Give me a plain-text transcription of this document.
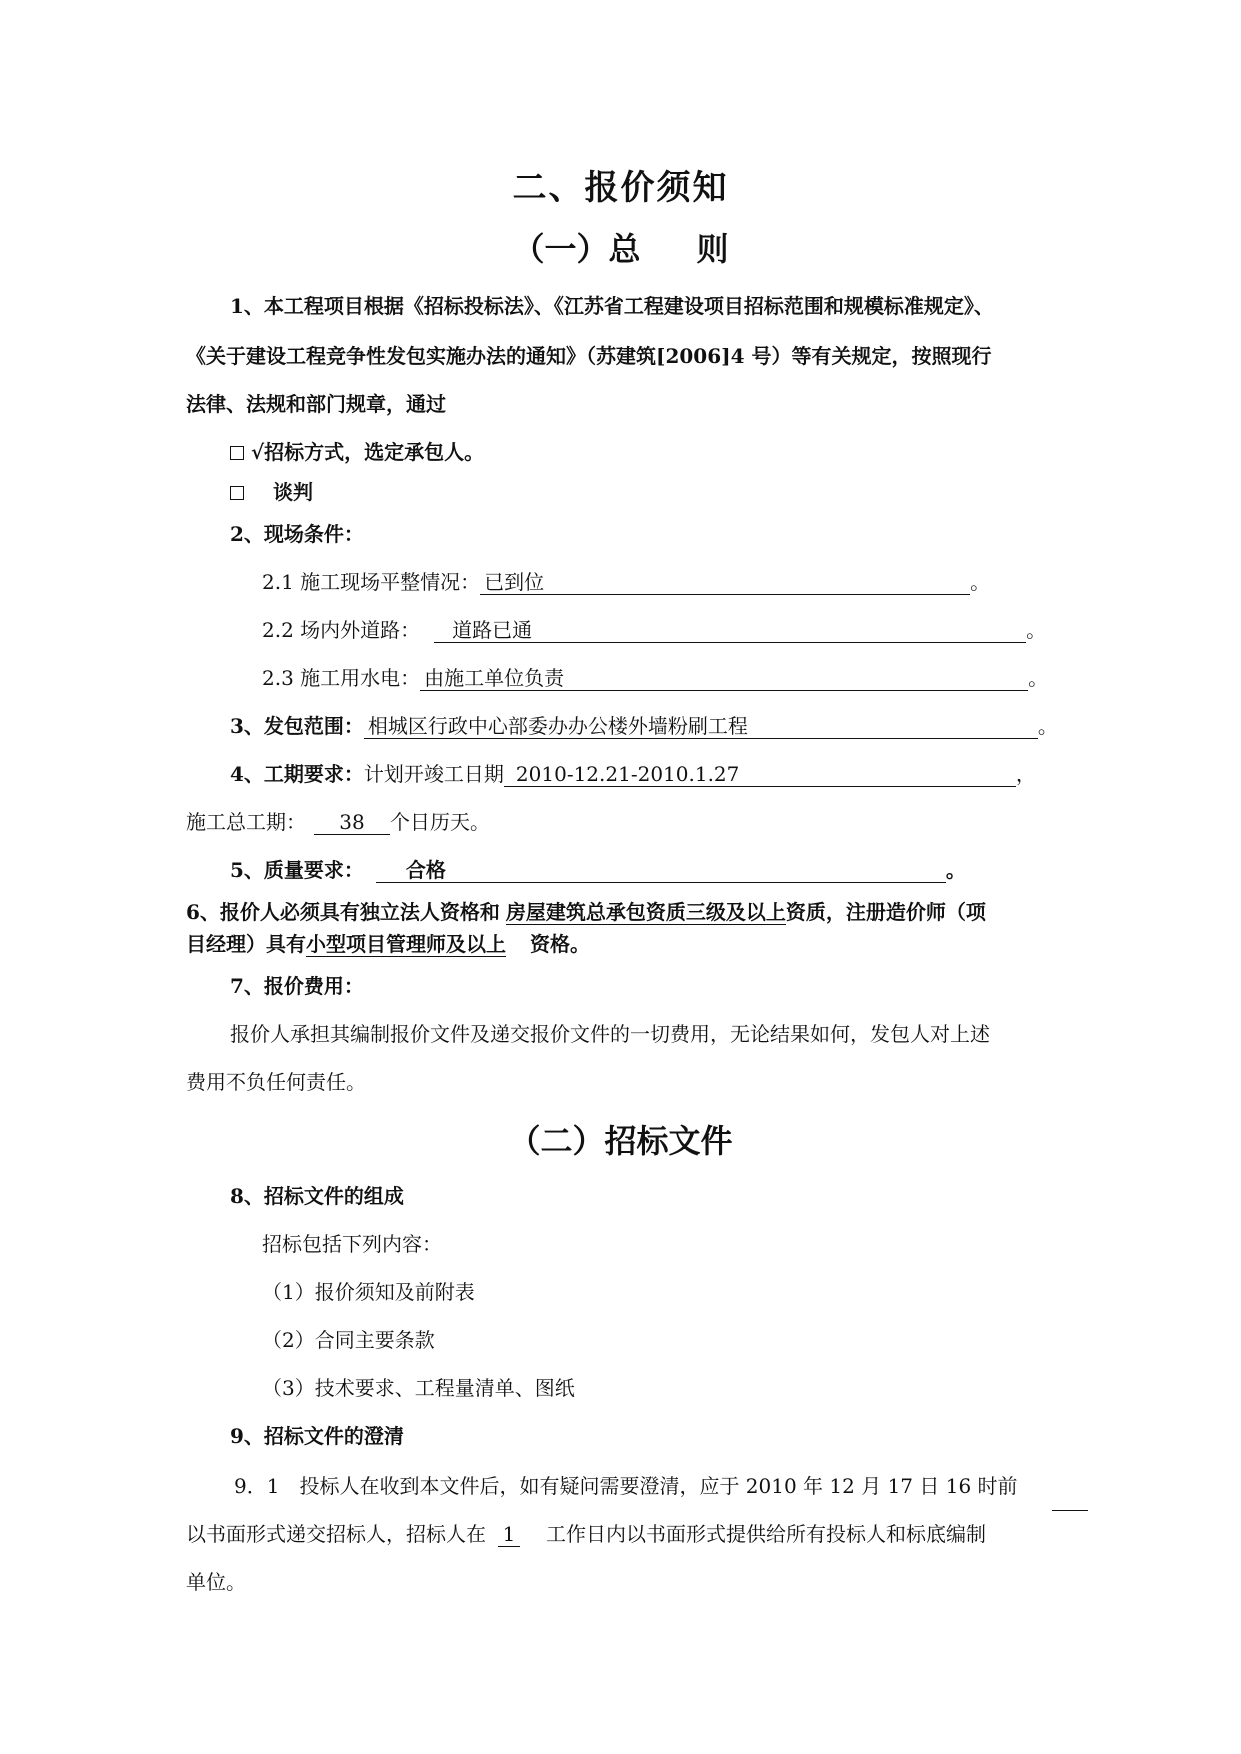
二、报价须知
（一）总 则
1、本工程项目根据《招标投标法》、《江苏省工程建设项目招标范围和规模标准规定》、
《关于建设工程竞争性发包实施办法的通知》（苏建筑[2006]4 号）等有关规定，按照现行
法律、法规和部门规章，通过
√招标方式，选定承包人。
谈判
2、现场条件：
2.1 施工现场平整情况： 已到位	。
2.2 场内外道路： 道路已通	。
2.3 施工用水电： 由施工单位负责	。
3、发包范围： 相城区行政中心部委办办公楼外墙粉刷工程	。
4、工期要求：计划开竣工日期 2010-12.21-2010.1.27	，
施工总工期： 38 个日历天。
5、质量要求： 合格	。
6、报价人必须具有独立法人资格和 房屋建筑总承包资质三级及以上资质，注册造价师（项
目经理）具有小型项目管理师及以上 资格。
7、报价费用：
报价人承担其编制报价文件及递交报价文件的一切费用，无论结果如何，发包人对上述
费用不负任何责任。
（二）招标文件
8、招标文件的组成
招标包括下列内容：
（1）报价须知及前附表
（2）合同主要条款
（3）技术要求、工程量清单、图纸
9、招标文件的澄清
9．1　投标人在收到本文件后，如有疑问需要澄清，应于 2010 年 12 月 17 日 16 时前
以书面形式递交招标人，招标人在 1 工作日内以书面形式提供给所有投标人和标底编制
单位。
